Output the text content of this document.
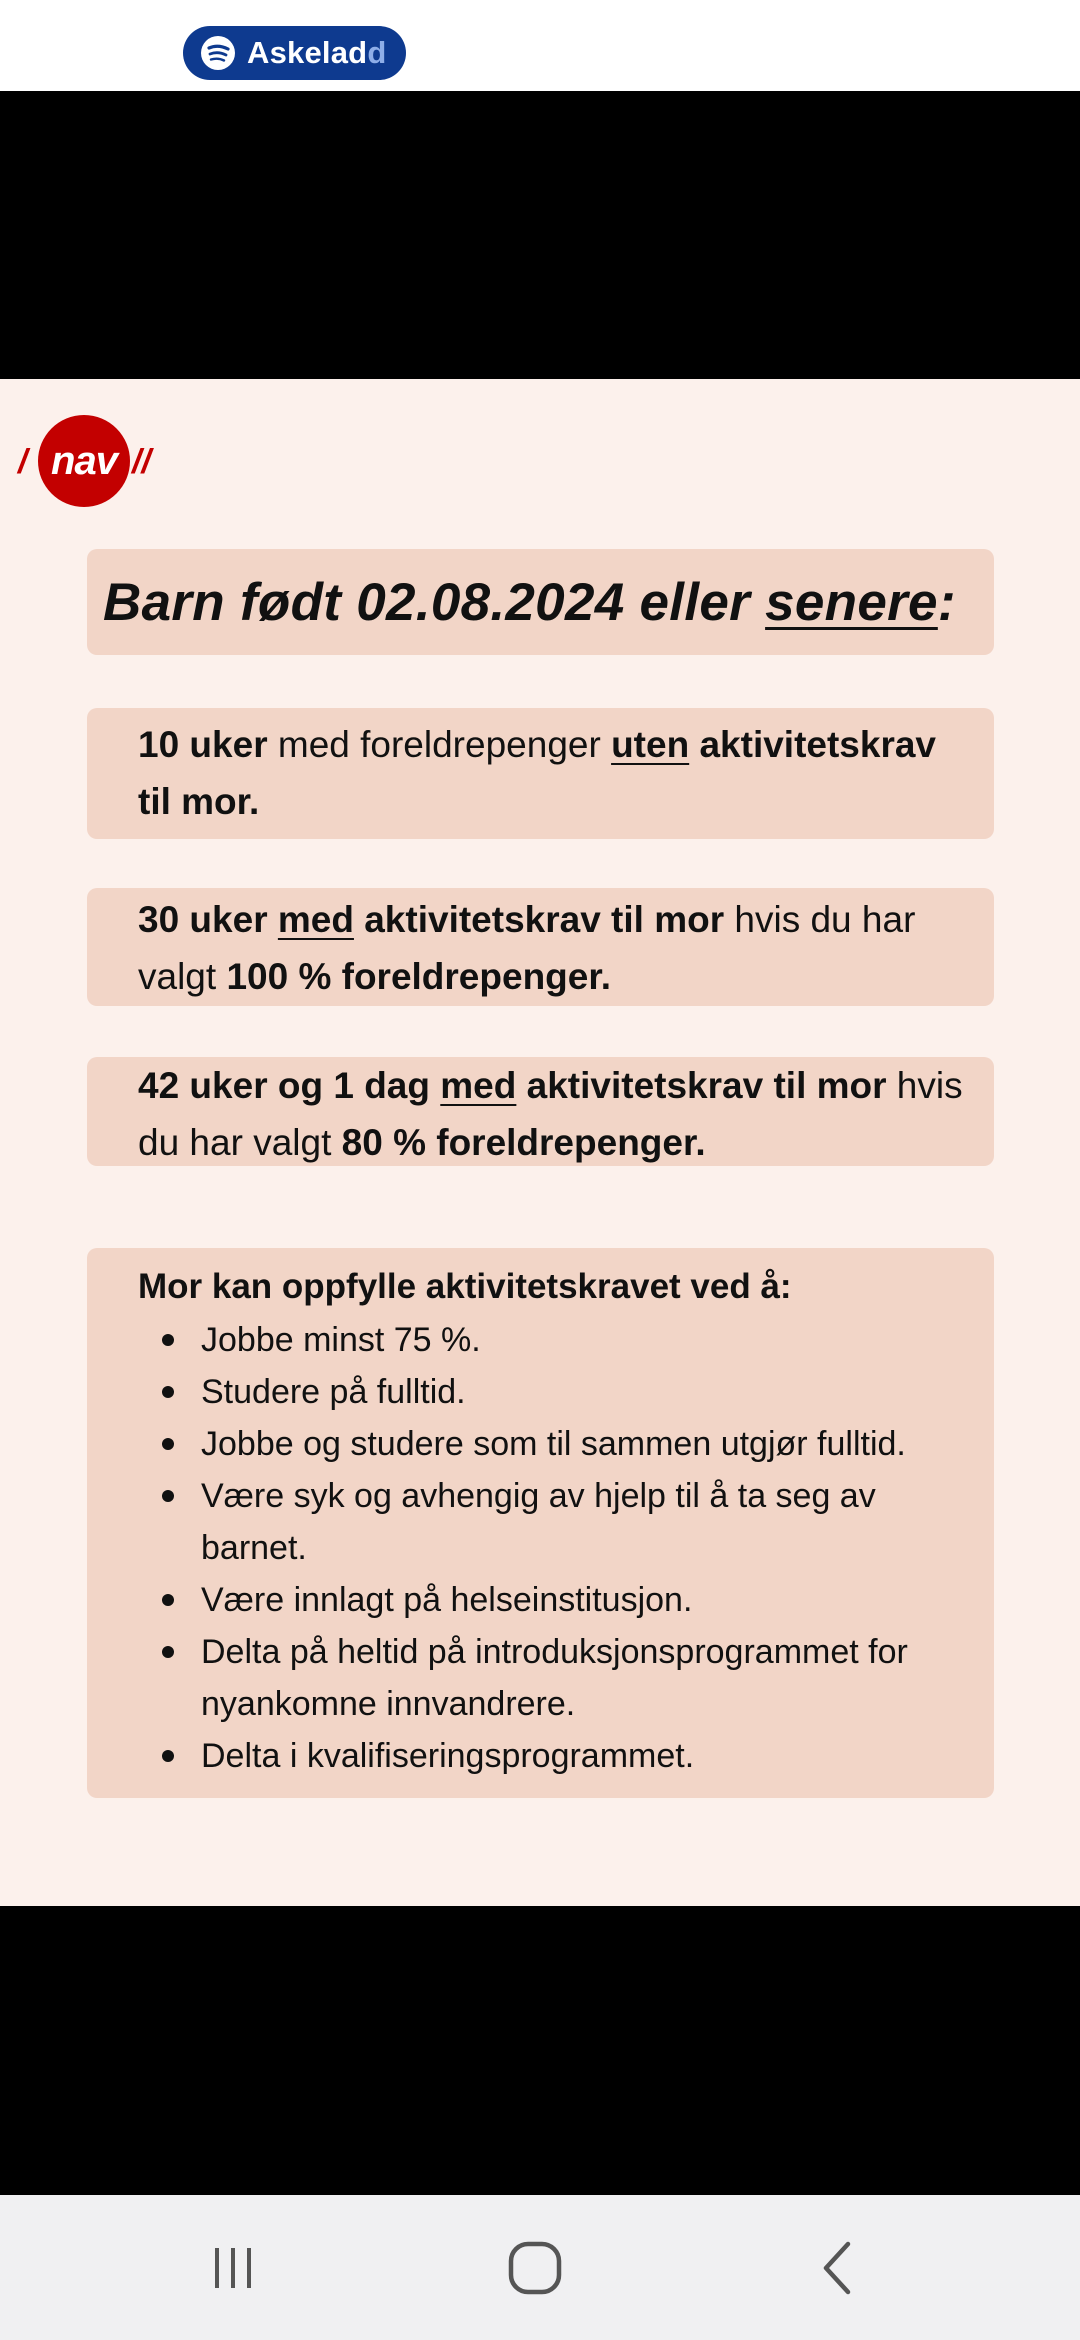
Askeladd
/ nav //
Barn født 02.08.2024 eller senere:

10 uker med foreldrepenger uten aktivitetskrav til mor.

30 uker med aktivitetskrav til mor hvis du har valgt 100 % foreldrepenger.

42 uker og 1 dag med aktivitetskrav til mor hvis du har valgt 80 % foreldrepenger.

Mor kan oppfylle aktivitetskravet ved å:

Jobbe minst 75 %.
Studere på fulltid.
Jobbe og studere som til sammen utgjør fulltid.
Være syk og avhengig av hjelp til å ta seg av barnet.
Være innlagt på helseinstitusjon.
Delta på heltid på introduksjonsprogrammet for nyankomne innvandrere.
Delta i kvalifiseringsprogrammet.
